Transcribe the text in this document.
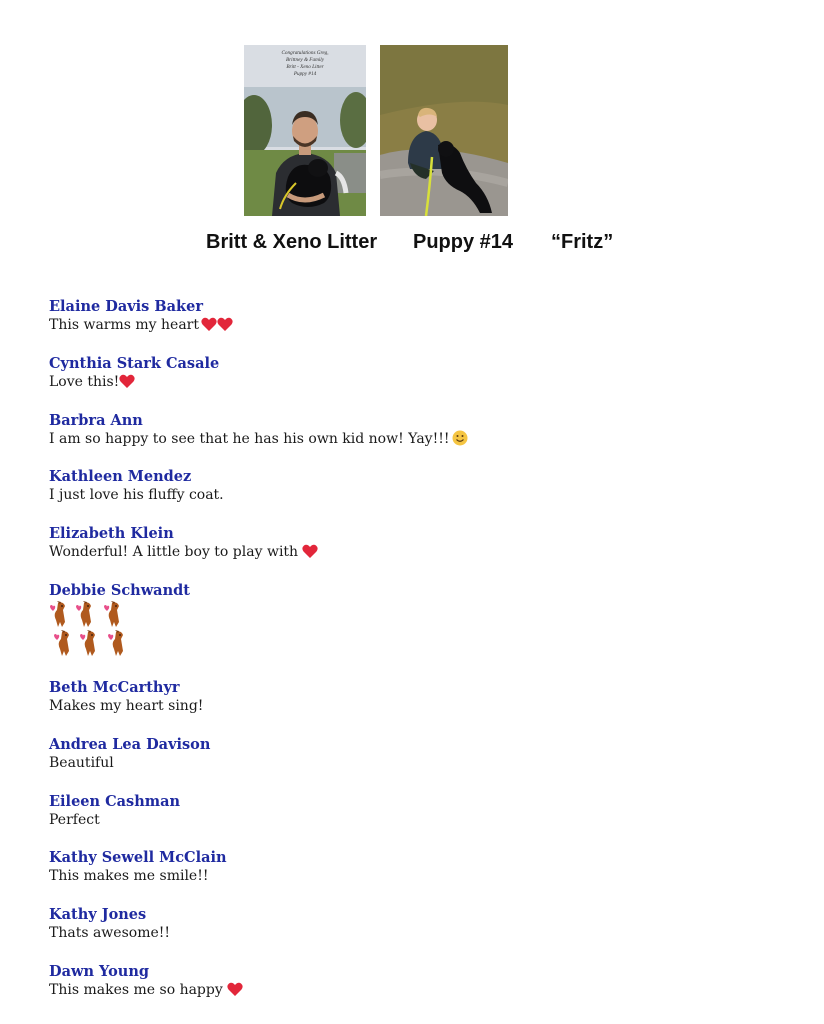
Congratulations Greg,
Brittney & Family
Britt - Xeno Litter
Puppy #14
Britt & Xeno Litter Puppy #14 “Fritz”
Elaine Davis Baker
This warms my heart
Cynthia Stark Casale
Love this!
Barbra Ann
I am so happy to see that he has his own kid now! Yay!!!
Kathleen Mendez
I just love his fluffy coat.
Elizabeth Klein
Wonderful! A little boy to play with
Debbie Schwandt
Beth McCarthyr
Makes my heart sing!
Andrea Lea Davison
Beautiful
Eileen Cashman
Perfect
Kathy Sewell McClain
This makes me smile!!
Kathy Jones
Thats awesome!!
Dawn Young
This makes me so happy
